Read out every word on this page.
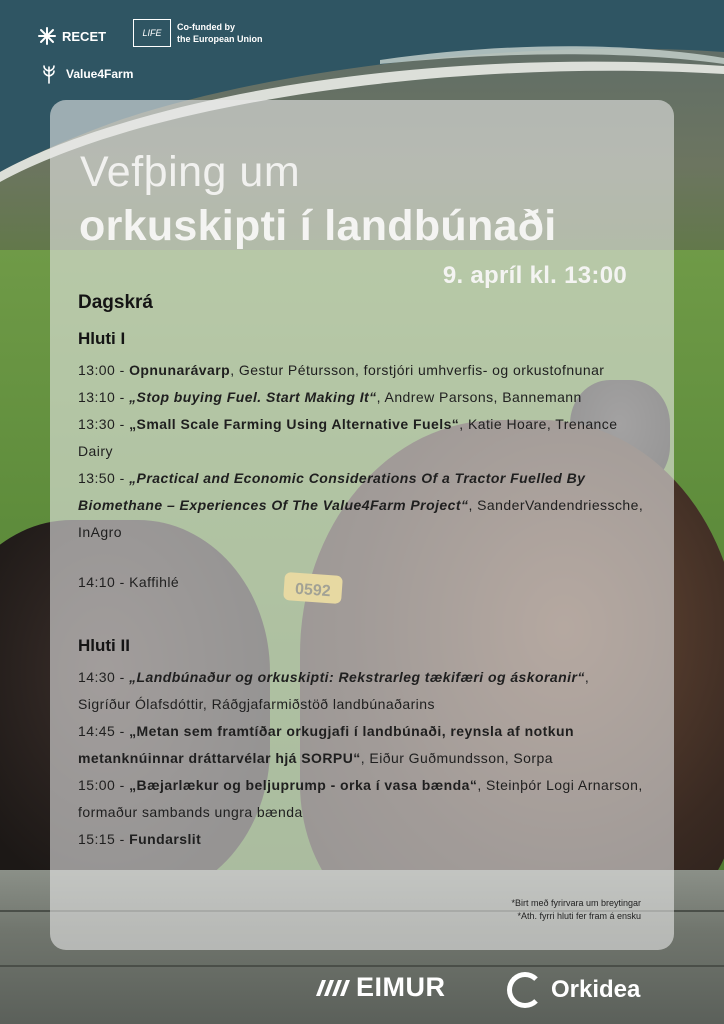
RECET	LIFE
Co-funded by
the European Union
Value4Farm
Vefþing um
orkuskipti í landbúnaði
9. apríl kl. 13:00
Dagskrá
Hluti I

13:00 - Opnunarávarp, Gestur Pétursson, forstjóri umhverfis- og orkustofnunar

13:10 - „Stop buying Fuel. Start Making It“, Andrew Parsons, Bannemann

13:30 - „Small Scale Farming Using Alternative Fuels“, Katie Hoare, Trenance Dairy

13:50 - „Practical and Economic Considerations Of a Tractor Fuelled By Biomethane – Experiences Of The Value4Farm Project“, SanderVandendriessche, InAgro

14:10 - Kaffihlé

Hluti II

14:30 - „Landbúnaður og orkuskipti: Rekstrarleg tækifæri og áskoranir“, Sigríður Ólafsdóttir, Ráðgjafarmiðstöð landbúnaðarins

14:45 - „Metan sem framtíðar orkugjafi í landbúnaði, reynsla af notkun metanknúinnar dráttarvélar hjá SORPU“, Eiður Guðmundsson, Sorpa

15:00 - „Bæjarlækur og beljuprump - orka í vasa bænda“, Steinþór Logi Arnarson, formaður sambands ungra bænda

15:15 - Fundarslit

*Birt með fyrirvara um breytingar
*Ath. fyrri hluti fer fram á ensku
EIMUR	Orkidea
